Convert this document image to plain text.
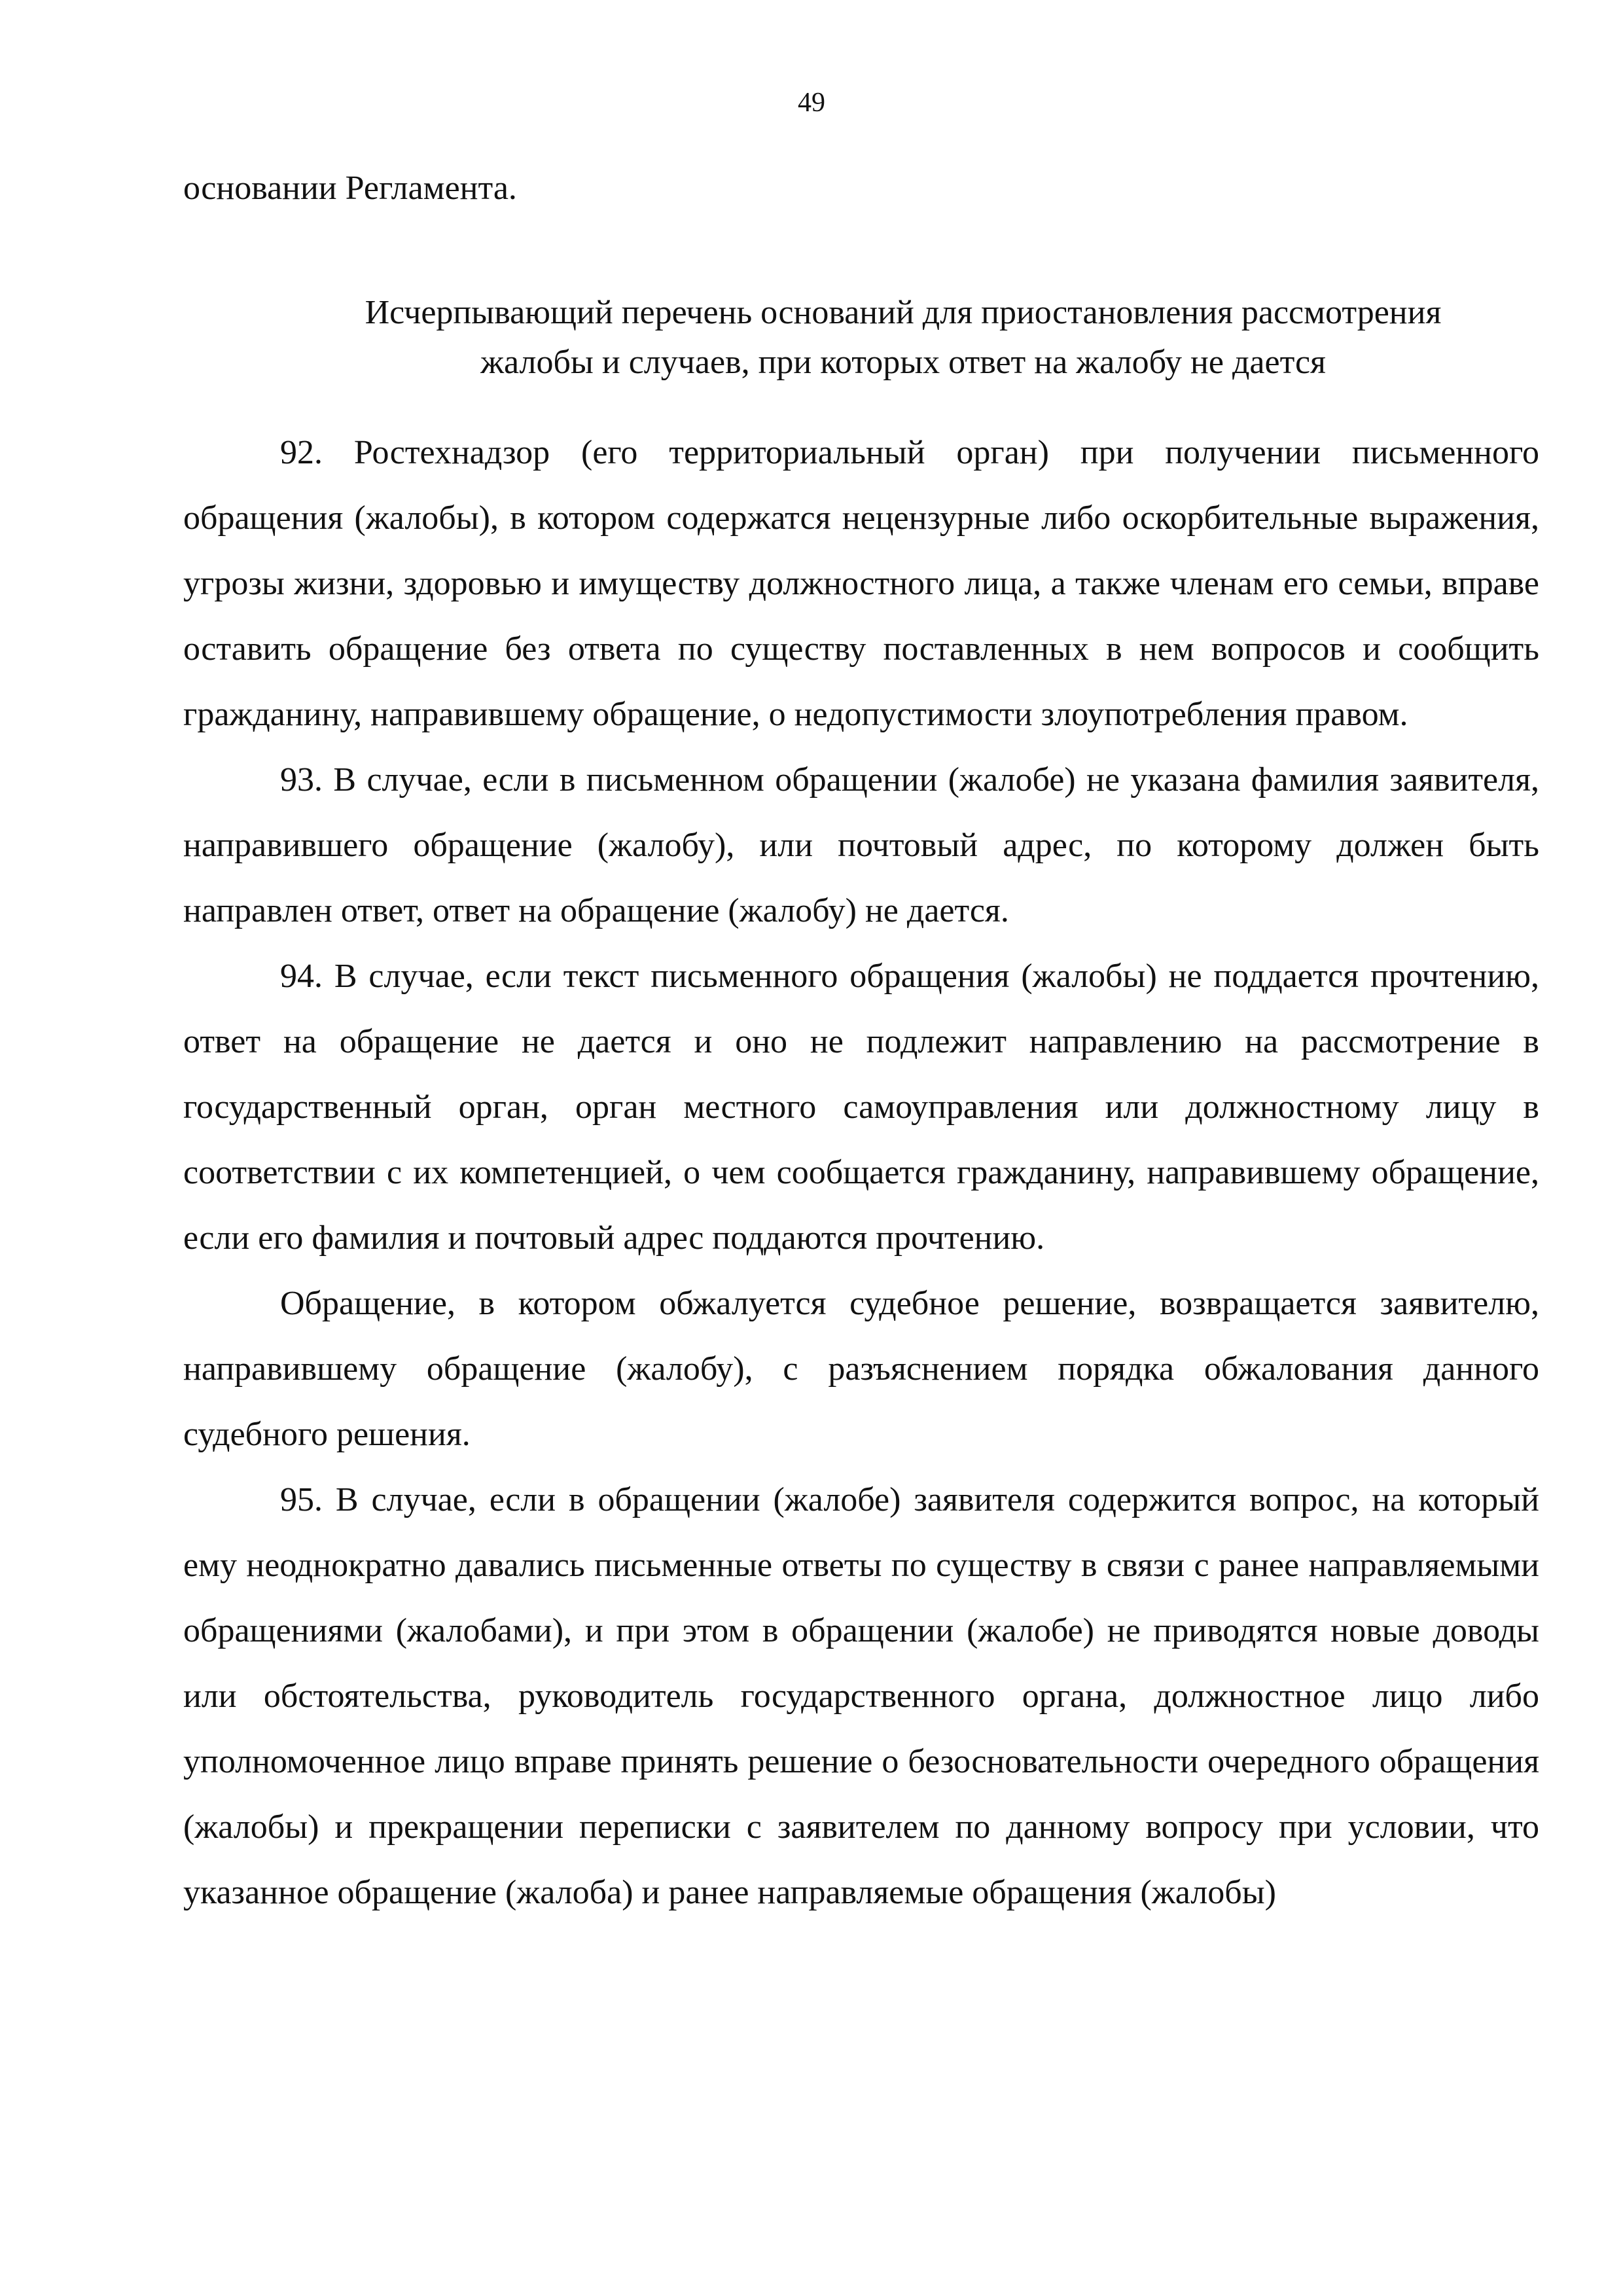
49
основании Регламента.
Исчерпывающий перечень оснований для приостановления рассмотрения
жалобы и случаев, при которых ответ на жалобу не дается

92. Ростехнадзор (его территориальный орган) при получении письменного обращения (жалобы), в котором содержатся нецензурные либо оскорбительные выражения, угрозы жизни, здоровью и имуществу должностного лица, а также членам его семьи, вправе оставить обращение без ответа по существу поставленных в нем вопросов и сообщить гражданину, направившему обращение, о недопустимости злоупотребления правом.

93. В случае, если в письменном обращении (жалобе) не указана фамилия заявителя, направившего обращение (жалобу), или почтовый адрес, по которому должен быть направлен ответ, ответ на обращение (жалобу) не дается.

94. В случае, если текст письменного обращения (жалобы) не поддается прочтению, ответ на обращение не дается и оно не подлежит направлению на рассмотрение в государственный орган, орган местного самоуправления или должностному лицу в соответствии с их компетенцией, о чем сообщается гражданину, направившему обращение, если его фамилия и почтовый адрес поддаются прочтению.

Обращение, в котором обжалуется судебное решение, возвращается заявителю, направившему обращение (жалобу), с разъяснением порядка обжалования данного судебного решения.

95. В случае, если в обращении (жалобе) заявителя содержится вопрос, на который ему неоднократно давались письменные ответы по существу в связи с ранее направляемыми обращениями (жалобами), и при этом в обращении (жалобе) не приводятся новые доводы или обстоятельства, руководитель государственного органа, должностное лицо либо уполномоченное лицо вправе принять решение о безосновательности очередного обращения (жалобы) и прекращении переписки с заявителем по данному вопросу при условии, что указанное обращение (жалоба) и ранее направляемые обращения (жалобы)
